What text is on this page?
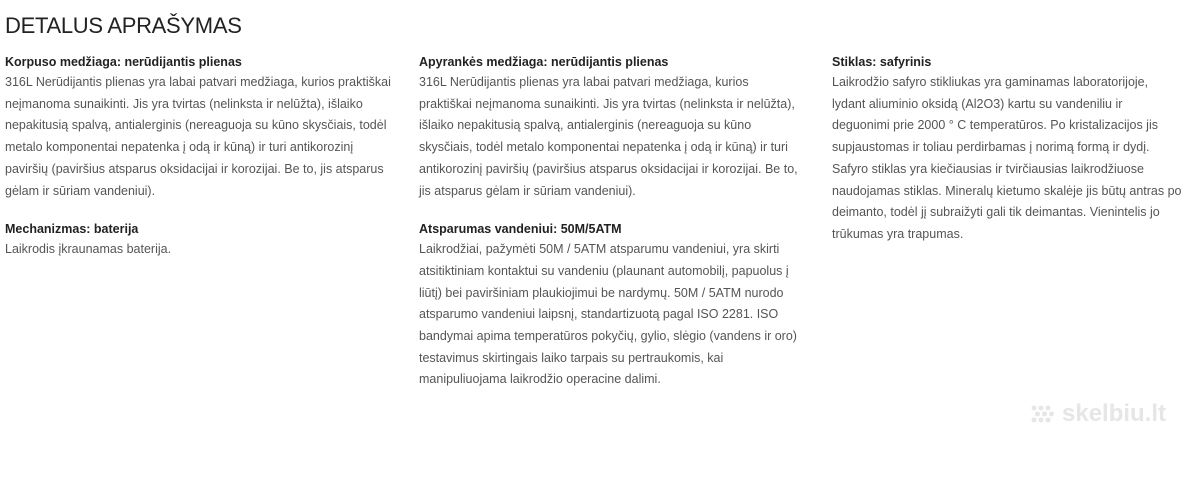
DETALUS APRAŠYMAS
Korpuso medžiaga: nerūdijantis plienas
316L Nerūdijantis plienas yra labai patvari medžiaga, kurios praktiškai neįmanoma sunaikinti. Jis yra tvirtas (nelinksta ir nelūžta), išlaiko nepakitusią spalvą, antialerginis (nereaguoja su kūno skysčiais, todėl metalo komponentai nepatenka į odą ir kūną) ir turi antikorozinį paviršių (paviršius atsparus oksidacijai ir korozijai. Be to, jis atsparus gėlam ir sūriam vandeniui).
Mechanizmas: baterija
Laikrodis įkraunamas baterija.
Apyrankės medžiaga: nerūdijantis plienas
316L Nerūdijantis plienas yra labai patvari medžiaga, kurios praktiškai neįmanoma sunaikinti. Jis yra tvirtas (nelinksta ir nelūžta), išlaiko nepakitusią spalvą, antialerginis (nereaguoja su kūno skysčiais, todėl metalo komponentai nepatenka į odą ir kūną) ir turi antikorozinį paviršių (paviršius atsparus oksidacijai ir korozijai. Be to, jis atsparus gėlam ir sūriam vandeniui).
Atsparumas vandeniui: 50M/5ATM
Laikrodžiai, pažymėti 50M / 5ATM atsparumu vandeniui, yra skirti atsitiktiniam kontaktui su vandeniu (plaunant automobilį, papuolus į liūtį) bei paviršiniam plaukiojimui be nardymų. 50M / 5ATM nurodo atsparumo vandeniui laipsnį, standartizuotą pagal ISO 2281. ISO bandymai apima temperatūros pokyčių, gylio, slėgio (vandens ir oro) testavimus skirtingais laiko tarpais su pertraukomis, kai manipuliuojama laikrodžio operacine dalimi.
Stiklas: safyrinis
Laikrodžio safyro stikliukas yra gaminamas laboratorijoje, lydant aliuminio oksidą (Al2O3) kartu su vandeniliu ir deguonimi prie 2000 ° C temperatūros. Po kristalizacijos jis supjaustomas ir toliau perdirbamas į norimą formą ir dydį. Safyro stiklas yra kiečiausias ir tvirčiausias laikrodžiuose naudojamas stiklas. Mineralų kietumo skalėje jis būtų antras po deimanto, todėl jį subraižyti gali tik deimantas. Vienintelis jo trūkumas yra trapumas.
skelbiu.lt
